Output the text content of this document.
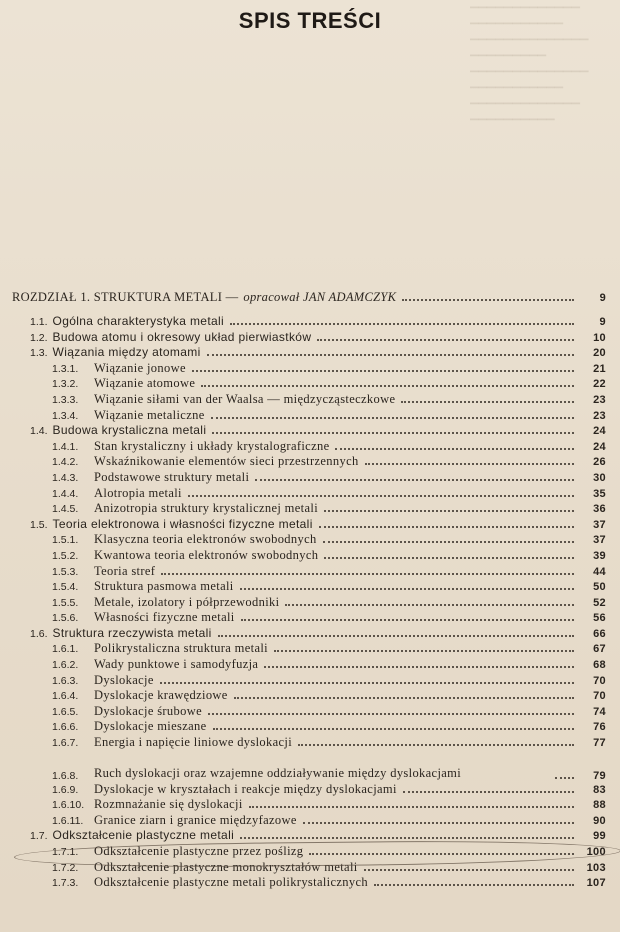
▔▔▔▔▔▔▔▔▔▔▔▔▔
▔▔▔▔▔▔▔▔▔▔▔
▔▔▔▔▔▔▔▔▔▔▔▔▔▔
▔▔▔▔▔▔▔▔▔
▔▔▔▔▔▔▔▔▔▔▔▔▔▔
▔▔▔▔▔▔▔▔▔▔▔
▔▔▔▔▔▔▔▔▔▔▔▔▔
▔▔▔▔▔▔▔▔▔▔
SPIS TREŚCI
ROZDZIAŁ 1. STRUKTURA METALI — opracował JAN ADAMCZYK	9
1.1. Ogólna charakterystyka metali	9
1.2. Budowa atomu i okresowy układ pierwiastków	10
1.3. Wiązania między atomami	20
1.3.1.	Wiązanie jonowe	21
1.3.2.	Wiązanie atomowe	22
1.3.3.	Wiązanie siłami van der Waalsa — międzycząsteczkowe	23
1.3.4.	Wiązanie metaliczne	23
1.4. Budowa krystaliczna metali	24
1.4.1.	Stan krystaliczny i układy krystalograficzne	24
1.4.2.	Wskaźnikowanie elementów sieci przestrzennych	26
1.4.3.	Podstawowe struktury metali	30
1.4.4.	Alotropia metali	35
1.4.5.	Anizotropia struktury krystalicznej metali	36
1.5. Teoria elektronowa i własności fizyczne metali	37
1.5.1.	Klasyczna teoria elektronów swobodnych	37
1.5.2.	Kwantowa teoria elektronów swobodnych	39
1.5.3.	Teoria stref	44
1.5.4.	Struktura pasmowa metali	50
1.5.5.	Metale, izolatory i półprzewodniki	52
1.5.6.	Własności fizyczne metali	56
1.6. Struktura rzeczywista metali	66
1.6.1.	Polikrystaliczna struktura metali	67
1.6.2.	Wady punktowe i samodyfuzja	68
1.6.3.	Dyslokacje	70
1.6.4.	Dyslokacje krawędziowe	70
1.6.5.	Dyslokacje śrubowe	74
1.6.6.	Dyslokacje mieszane	76
1.6.7.	Energia i napięcie liniowe dyslokacji	77
1.6.8.	Ruch dyslokacji oraz wzajemne oddziaływanie między dyslokacjami	79
1.6.9.	Dyslokacje w kryształach i reakcje między dyslokacjami	83
1.6.10. Rozmnażanie się dyslokacji	88
1.6.11. Granice ziarn i granice międzyfazowe	90
1.7. Odkształcenie plastyczne metali	99
1.7.1.	Odkształcenie plastyczne przez poślizg	100
1.7.2.	Odkształcenie plastyczne monokryształów metali	103
1.7.3.	Odkształcenie plastyczne metali polikrystalicznych	107
